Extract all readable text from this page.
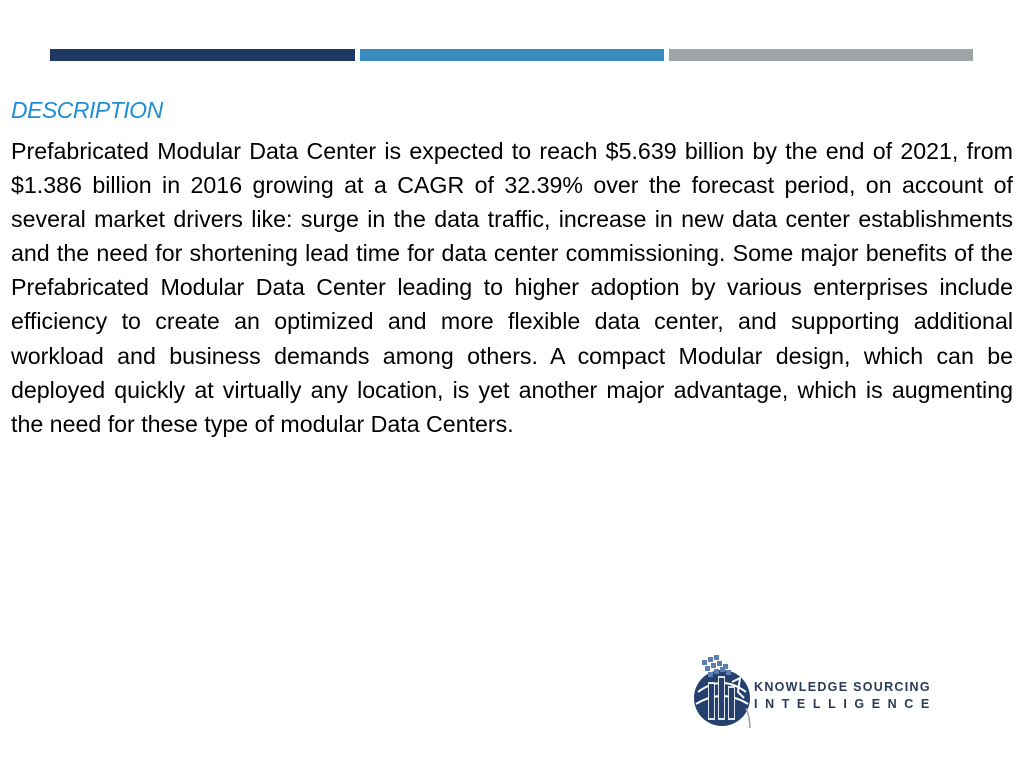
DESCRIPTION

Prefabricated Modular Data Center is expected to reach $5.639 billion by the end of 2021, from $1.386 billion in 2016 growing at a CAGR of 32.39% over the forecast period, on account of several market drivers like: surge in the data traffic, increase in new data center establishments and the need for shortening lead time for data center commissioning. Some major benefits of the Prefabricated Modular Data Center leading to higher adoption by various enterprises include efficiency to create an optimized and more flexible data center, and supporting additional workload and business demands among others. A compact Modular design, which can be deployed quickly at virtually any location, is yet another major advantage, which is augmenting the need for these type of modular Data Centers.

KNOWLEDGE SOURCING
INTELLIGENCE
